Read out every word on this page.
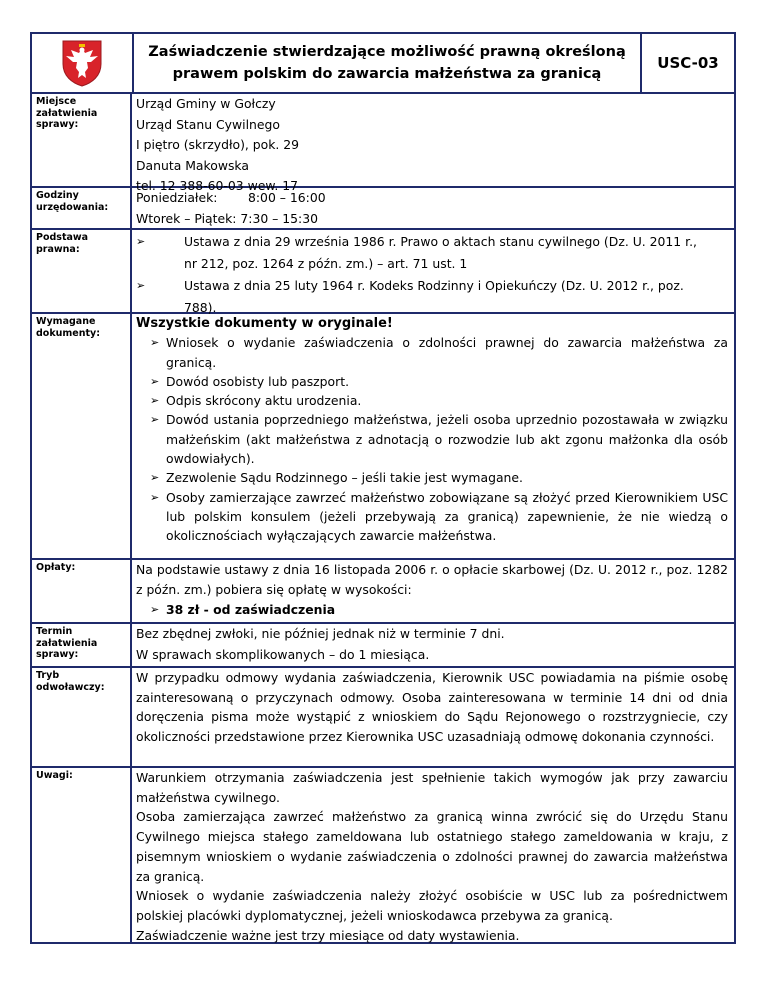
Zaświadczenie stwierdzające możliwość prawną określoną
prawem polskim do zawarcia małżeństwa za granicą
USC-03
Miejsce załatwienia sprawy:
Urząd Gminy w Gołczy
Urząd Stanu Cywilnego
I piętro (skrzydło), pok. 29
Danuta Makowska
tel. 12 388-60-03 wew. 17
Godziny urzędowania:
Poniedziałek: 8:00 – 16:00
Wtorek – Piątek: 7:30 – 15:30
Podstawa prawna:
➢	Ustawa z dnia 29 września 1986 r. Prawo o aktach stanu cywilnego (Dz. U. 2011 r.,
nr 212, poz. 1264 z późn. zm.) – art. 71 ust. 1
➢	Ustawa z dnia 25 luty 1964 r. Kodeks Rodzinny i Opiekuńczy (Dz. U. 2012 r., poz.
788).
Wymagane dokumenty:
Wszystkie dokumenty w oryginale!
➢ Wniosek o wydanie zaświadczenia o zdolności prawnej do zawarcia małżeństwa za granicą.
➢ Dowód osobisty lub paszport.
➢ Odpis skrócony aktu urodzenia.
➢ Dowód ustania poprzedniego małżeństwa, jeżeli osoba uprzednio pozostawała w związku małżeńskim (akt małżeństwa z adnotacją o rozwodzie lub akt zgonu małżonka dla osób owdowiałych).
➢ Zezwolenie Sądu Rodzinnego – jeśli takie jest wymagane.
➢ Osoby zamierzające zawrzeć małżeństwo zobowiązane są złożyć przed Kierownikiem USC lub polskim konsulem (jeżeli przebywają za granicą) zapewnienie, że nie wiedzą o okolicznościach wyłączających zawarcie małżeństwa.
Opłaty:	Na podstawie ustawy z dnia 16 listopada 2006 r. o opłacie skarbowej (Dz. U. 2012 r., poz. 1282 z późn. zm.) pobiera się opłatę w wysokości:
➢ 38 zł - od zaświadczenia
Termin załatwienia sprawy:
Bez zbędnej zwłoki, nie później jednak niż w terminie 7 dni.
W sprawach skomplikowanych – do 1 miesiąca.
Tryb odwoławczy:
W przypadku odmowy wydania zaświadczenia, Kierownik USC powiadamia na piśmie osobę zainteresowaną o przyczynach odmowy. Osoba zainteresowana w terminie 14 dni od dnia doręczenia pisma może wystąpić z wnioskiem do Sądu Rejonowego o rozstrzygniecie, czy okoliczności przedstawione przez Kierownika USC uzasadniają odmowę dokonania czynności.
Uwagi:	Warunkiem otrzymania zaświadczenia jest spełnienie takich wymogów jak przy zawarciu małżeństwa cywilnego.
Osoba zamierzająca zawrzeć małżeństwo za granicą winna zwrócić się do Urzędu Stanu Cywilnego miejsca stałego zameldowana lub ostatniego stałego zameldowania w kraju, z pisemnym wnioskiem o wydanie zaświadczenia o zdolności prawnej do zawarcia małżeństwa za granicą.
Wniosek o wydanie zaświadczenia należy złożyć osobiście w USC lub za pośrednictwem polskiej placówki dyplomatycznej, jeżeli wnioskodawca przebywa za granicą.
Zaświadczenie ważne jest trzy miesiące od daty wystawienia.
